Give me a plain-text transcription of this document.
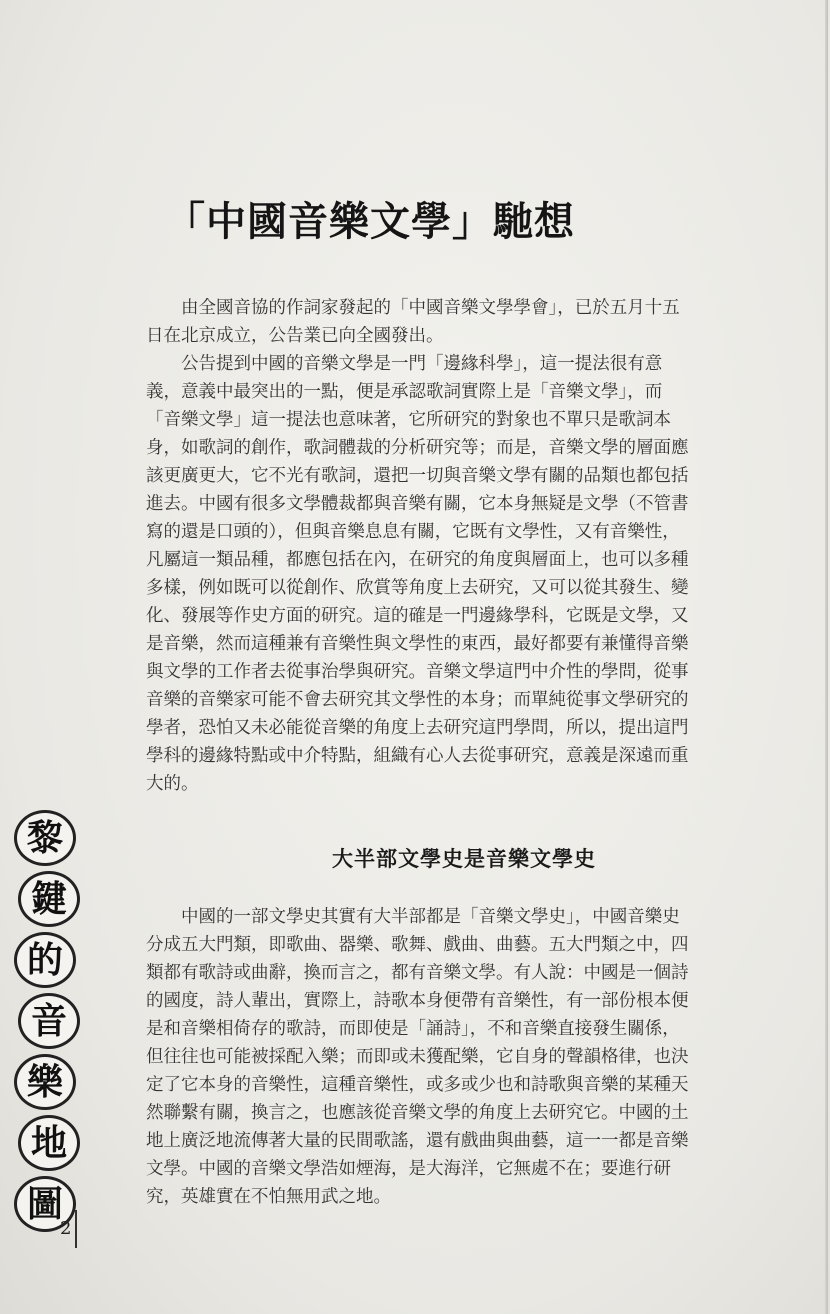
「中國音樂文學」馳想
　　由全國音協的作詞家發起的「中國音樂文學學會」，已於五月十五
日在北京成立，公告業已向全國發出。
　　公告提到中國的音樂文學是一門「邊緣科學」，這一提法很有意
義，意義中最突出的一點，便是承認歌詞實際上是「音樂文學」，而
「音樂文學」這一提法也意味著，它所研究的對象也不單只是歌詞本
身，如歌詞的創作，歌詞體裁的分析研究等；而是，音樂文學的層面應
該更廣更大，它不光有歌詞，還把一切與音樂文學有關的品類也都包括
進去。中國有很多文學體裁都與音樂有關，它本身無疑是文學（不管書
寫的還是口頭的），但與音樂息息有關，它既有文學性，又有音樂性，
凡屬這一類品種，都應包括在內，在研究的角度與層面上，也可以多種
多樣，例如既可以從創作、欣賞等角度上去研究，又可以從其發生、變
化、發展等作史方面的研究。這的確是一門邊緣學科，它既是文學，又
是音樂，然而這種兼有音樂性與文學性的東西，最好都要有兼懂得音樂
與文學的工作者去從事治學與研究。音樂文學這門中介性的學問，從事
音樂的音樂家可能不會去研究其文學性的本身；而單純從事文學研究的
學者，恐怕又未必能從音樂的角度上去研究這門學問，所以，提出這門
學科的邊緣特點或中介特點，組織有心人去從事研究，意義是深遠而重
大的。
大半部文學史是音樂文學史
　　中國的一部文學史其實有大半部都是「音樂文學史」，中國音樂史
分成五大門類，即歌曲、器樂、歌舞、戲曲、曲藝。五大門類之中，四
類都有歌詩或曲辭，換而言之，都有音樂文學。有人說：中國是一個詩
的國度，詩人輩出，實際上，詩歌本身便帶有音樂性，有一部份根本便
是和音樂相倚存的歌詩，而即使是「誦詩」，不和音樂直接發生關係，
但往往也可能被採配入樂；而即或未獲配樂，它自身的聲韻格律，也決
定了它本身的音樂性，這種音樂性，或多或少也和詩歌與音樂的某種天
然聯繫有關，換言之，也應該從音樂文學的角度上去研究它。中國的土
地上廣泛地流傳著大量的民間歌謠，還有戲曲與曲藝，這一一都是音樂
文學。中國的音樂文學浩如煙海，是大海洋，它無處不在；要進行研
究，英雄實在不怕無用武之地。
黎
鍵
的
音
樂
地
圖
2
